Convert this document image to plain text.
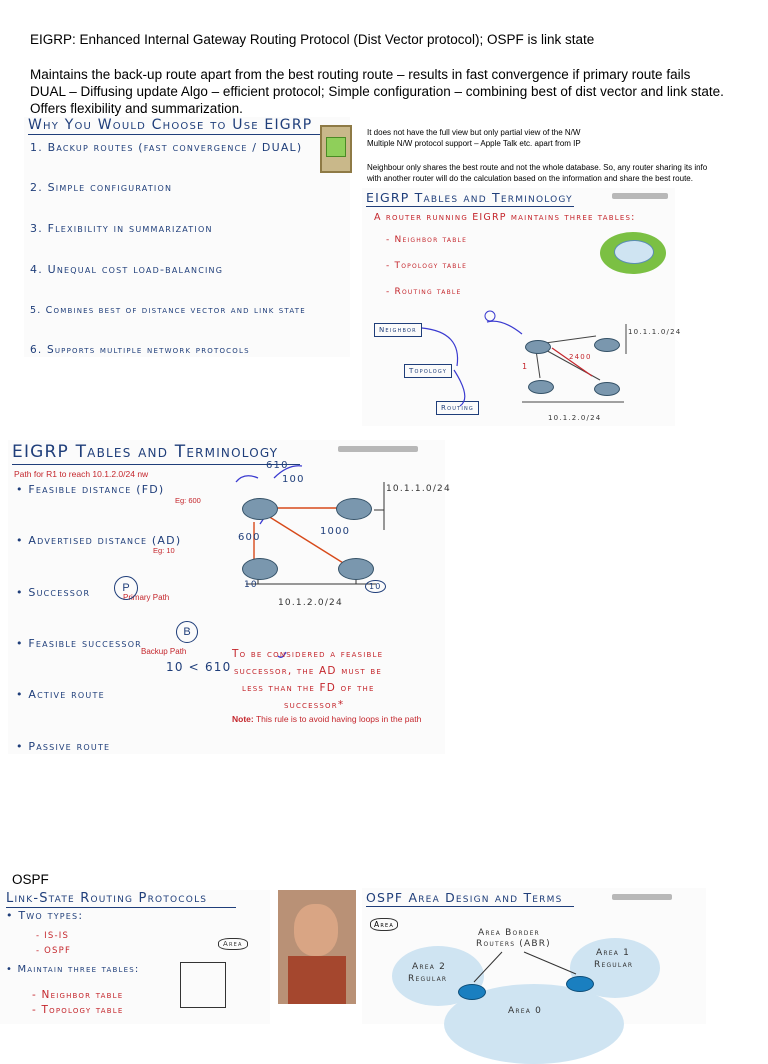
EIGRP: Enhanced Internal Gateway Routing Protocol (Dist Vector protocol); OSPF is link state
Maintains the back-up route apart from the best routing route – results in fast convergence if primary route fails
DUAL – Diffusing update Algo – efficient protocol; Simple configuration – combining best of dist vector and link state.
Offers flexibility and summarization.
Why You Would Choose to Use EIGRP
1. Backup routes (fast convergence / DUAL)
2. Simple configuration
3. Flexibility in summarization
4. Unequal cost load-balancing
5. Combines best of distance vector and link state
6. Supports multiple network protocols
It does not have the full view but only partial view of the N/W
Multiple N/W protocol support – Apple Talk etc. apart from IP
Neighbour only shares the best route and not the whole database. So, any router sharing its info
with another router will do the calculation based on the information and share the best route.
EIGRP Tables and Terminology
A router running EIGRP maintains three tables:
- Neighbor table
- Topology table
- Routing table
Neighbor
Topology
Routing
2400
1
10.1.1.0/24
10.1.2.0/24
EIGRP Tables and Terminology
Path for R1 to reach 10.1.2.0/24 nw
• Feasible distance (FD)
Eg: 600
• Advertised distance (AD)
Eg: 10
• Successor	Primary Path
• Feasible successor
Backup Path
10 < 610
• Active route
• Passive route
P
B
610
100
600
1000
10	10
10.1.1.0/24
10.1.2.0/24
To be considered a feasible
successor, the AD must be
less than the FD of the
successor*
Note: This rule is to avoid having loops in the path
OSPF
Link-State Routing Protocols
• Two types:
- IS-IS
- OSPF
• Maintain three tables:
- Neighbor table
- Topology table
Area
OSPF Area Design and Terms
Area
Area Border
Routers (ABR)
Area 2
Regular
Area 1
Regular
Area 0
